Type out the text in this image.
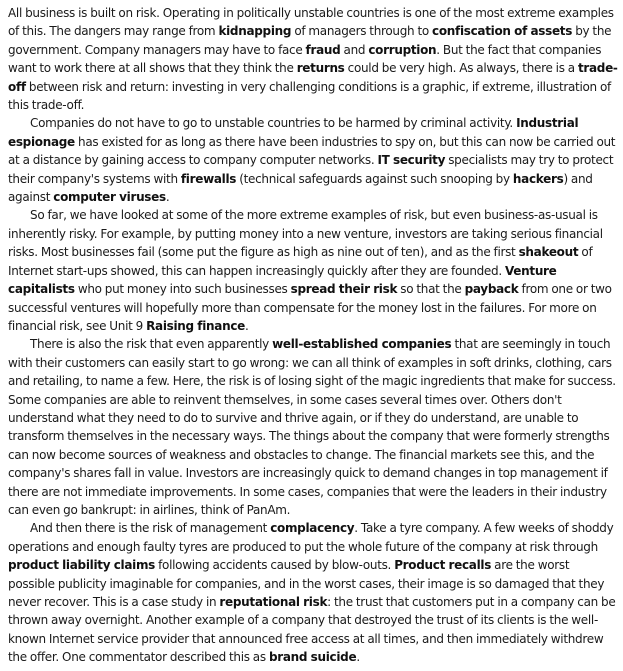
All business is built on risk. Operating in politically unstable countries is one of the most extreme examples of this. The dangers may range from kidnapping of managers through to confiscation of assets by the government. Company managers may have to face fraud and corruption. But the fact that companies want to work there at all shows that they think the returns could be very high. As always, there is a trade-off between risk and return: investing in very challenging conditions is a graphic, if extreme, illustration of this trade-off.

Companies do not have to go to unstable countries to be harmed by criminal activity. Industrial espionage has existed for as long as there have been industries to spy on, but this can now be carried out at a distance by gaining access to company computer networks. IT security specialists may try to protect their company's systems with firewalls (technical safeguards against such snooping by hackers) and against computer viruses.

So far, we have looked at some of the more extreme examples of risk, but even business-as-usual is inherently risky. For example, by putting money into a new venture, investors are taking serious financial risks. Most businesses fail (some put the figure as high as nine out of ten), and as the first shakeout of Internet start-ups showed, this can happen increasingly quickly after they are founded. Venture capitalists who put money into such businesses spread their risk so that the payback from one or two successful ventures will hopefully more than compensate for the money lost in the failures. For more on financial risk, see Unit 9 Raising finance.

There is also the risk that even apparently well-established companies that are seemingly in touch with their customers can easily start to go wrong: we can all think of examples in soft drinks, clothing, cars and retailing, to name a few. Here, the risk is of losing sight of the magic ingredients that make for success. Some companies are able to reinvent themselves, in some cases several times over. Others don't understand what they need to do to survive and thrive again, or if they do understand, are unable to transform themselves in the necessary ways. The things about the company that were formerly strengths can now become sources of weakness and obstacles to change. The financial markets see this, and the company's shares fall in value. Investors are increasingly quick to demand changes in top management if there are not immediate improvements. In some cases, companies that were the leaders in their industry can even go bankrupt: in airlines, think of PanAm.

And then there is the risk of management complacency. Take a tyre company. A few weeks of shoddy operations and enough faulty tyres are produced to put the whole future of the company at risk through product liability claims following accidents caused by blow-outs. Product recalls are the worst possible publicity imaginable for companies, and in the worst cases, their image is so damaged that they never recover. This is a case study in reputational risk: the trust that customers put in a company can be thrown away overnight. Another example of a company that destroyed the trust of its clients is the well-known Internet service provider that announced free access at all times, and then immediately withdrew the offer. One commentator described this as brand suicide.
